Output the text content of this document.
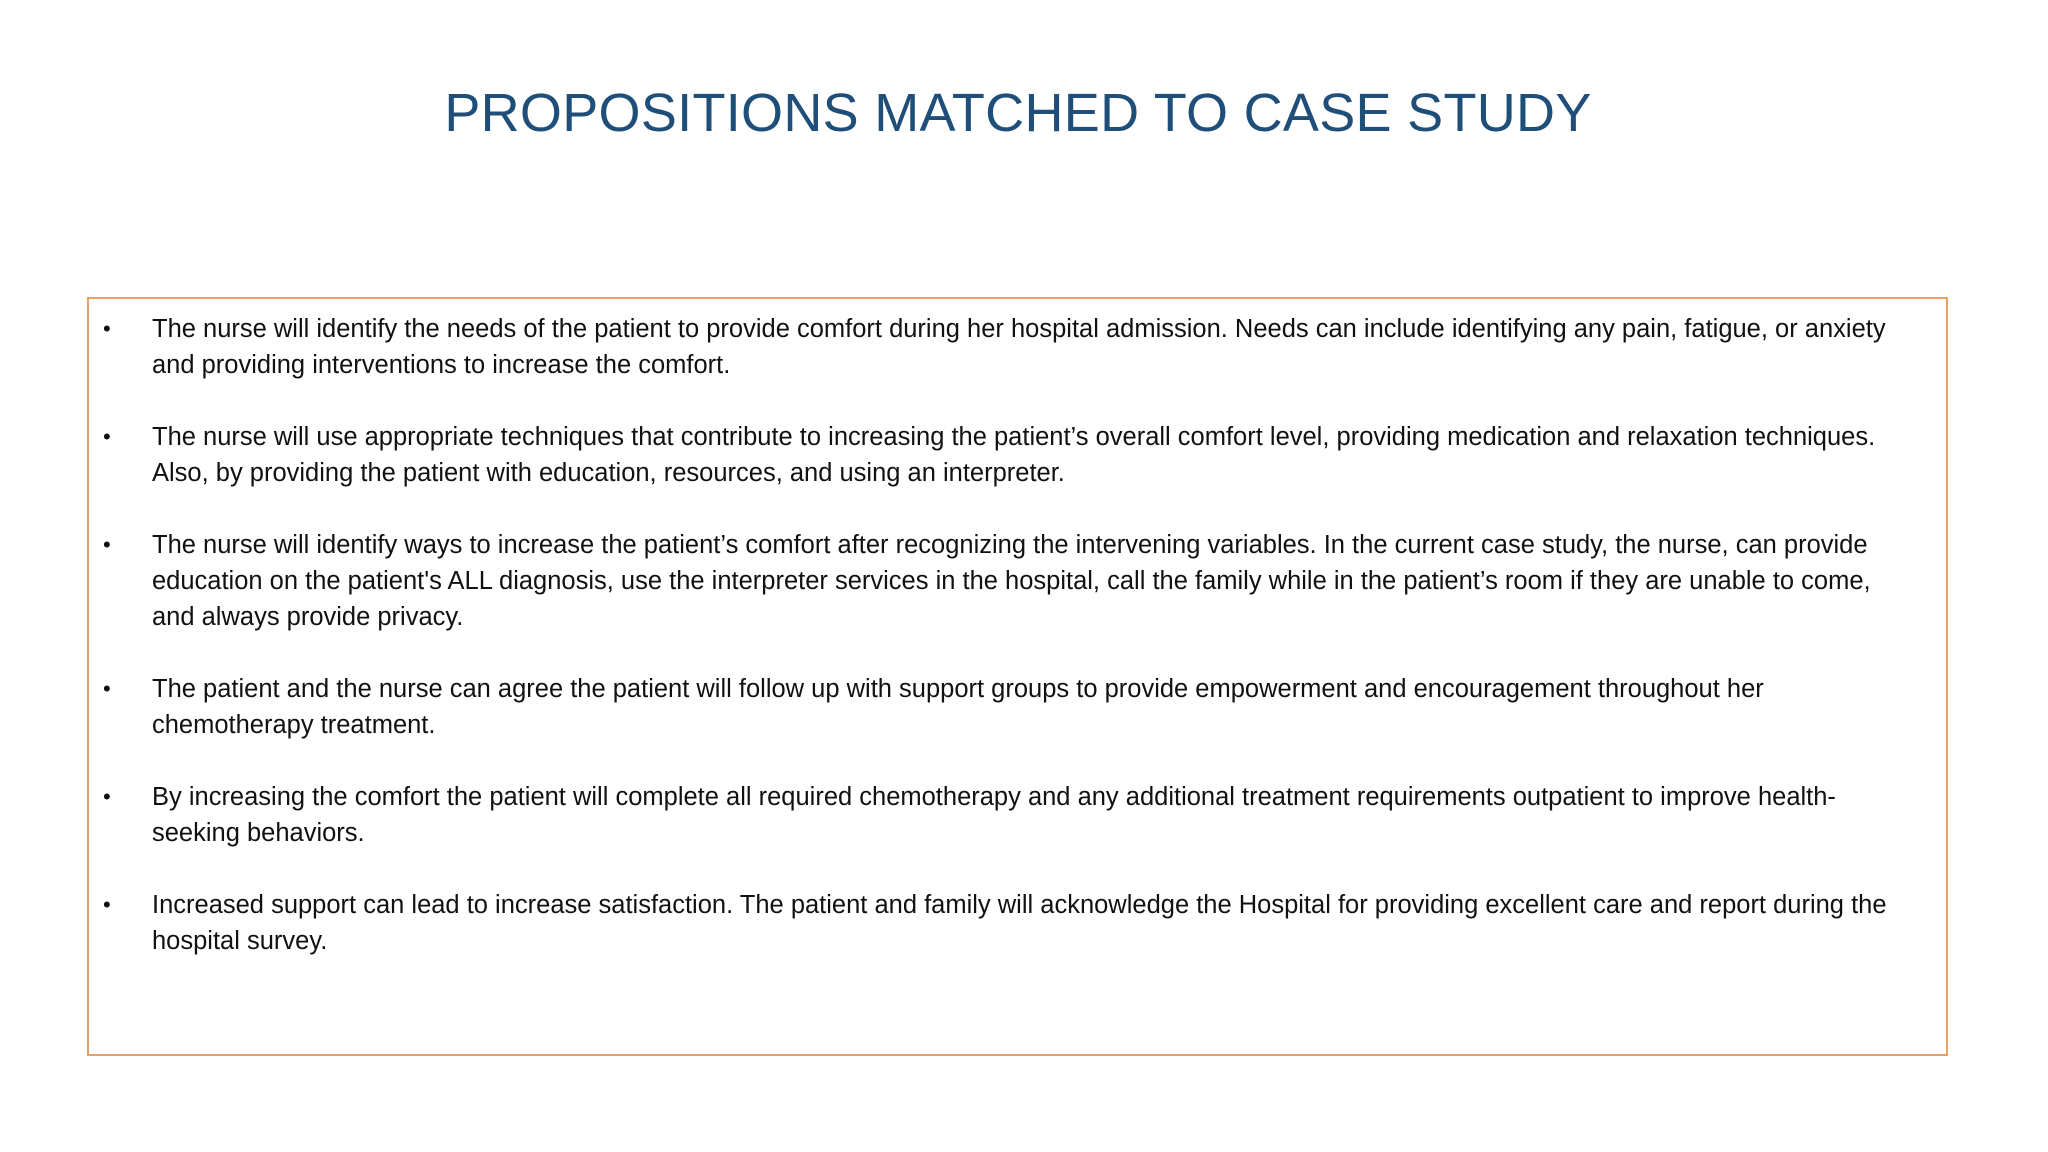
PROPOSITIONS MATCHED TO CASE STUDY
• The nurse will identify the needs of the patient to provide comfort during her hospital admission. Needs can include identifying any pain, fatigue, or anxiety and providing interventions to increase the comfort.
• The nurse will use appropriate techniques that contribute to increasing the patient’s overall comfort level, providing medication and relaxation techniques. Also, by providing the patient with education, resources, and using an interpreter.
• The nurse will identify ways to increase the patient’s comfort after recognizing the intervening variables. In the current case study, the nurse, can provide education on the patient's ALL diagnosis, use the interpreter services in the hospital, call the family while in the patient’s room if they are unable to come, and always provide privacy.
• The patient and the nurse can agree the patient will follow up with support groups to provide empowerment and encouragement throughout her chemotherapy treatment.
• By increasing the comfort the patient will complete all required chemotherapy and any additional treatment requirements outpatient to improve health-seeking behaviors.
• Increased support can lead to increase satisfaction. The patient and family will acknowledge the Hospital for providing excellent care and report during the hospital survey.
